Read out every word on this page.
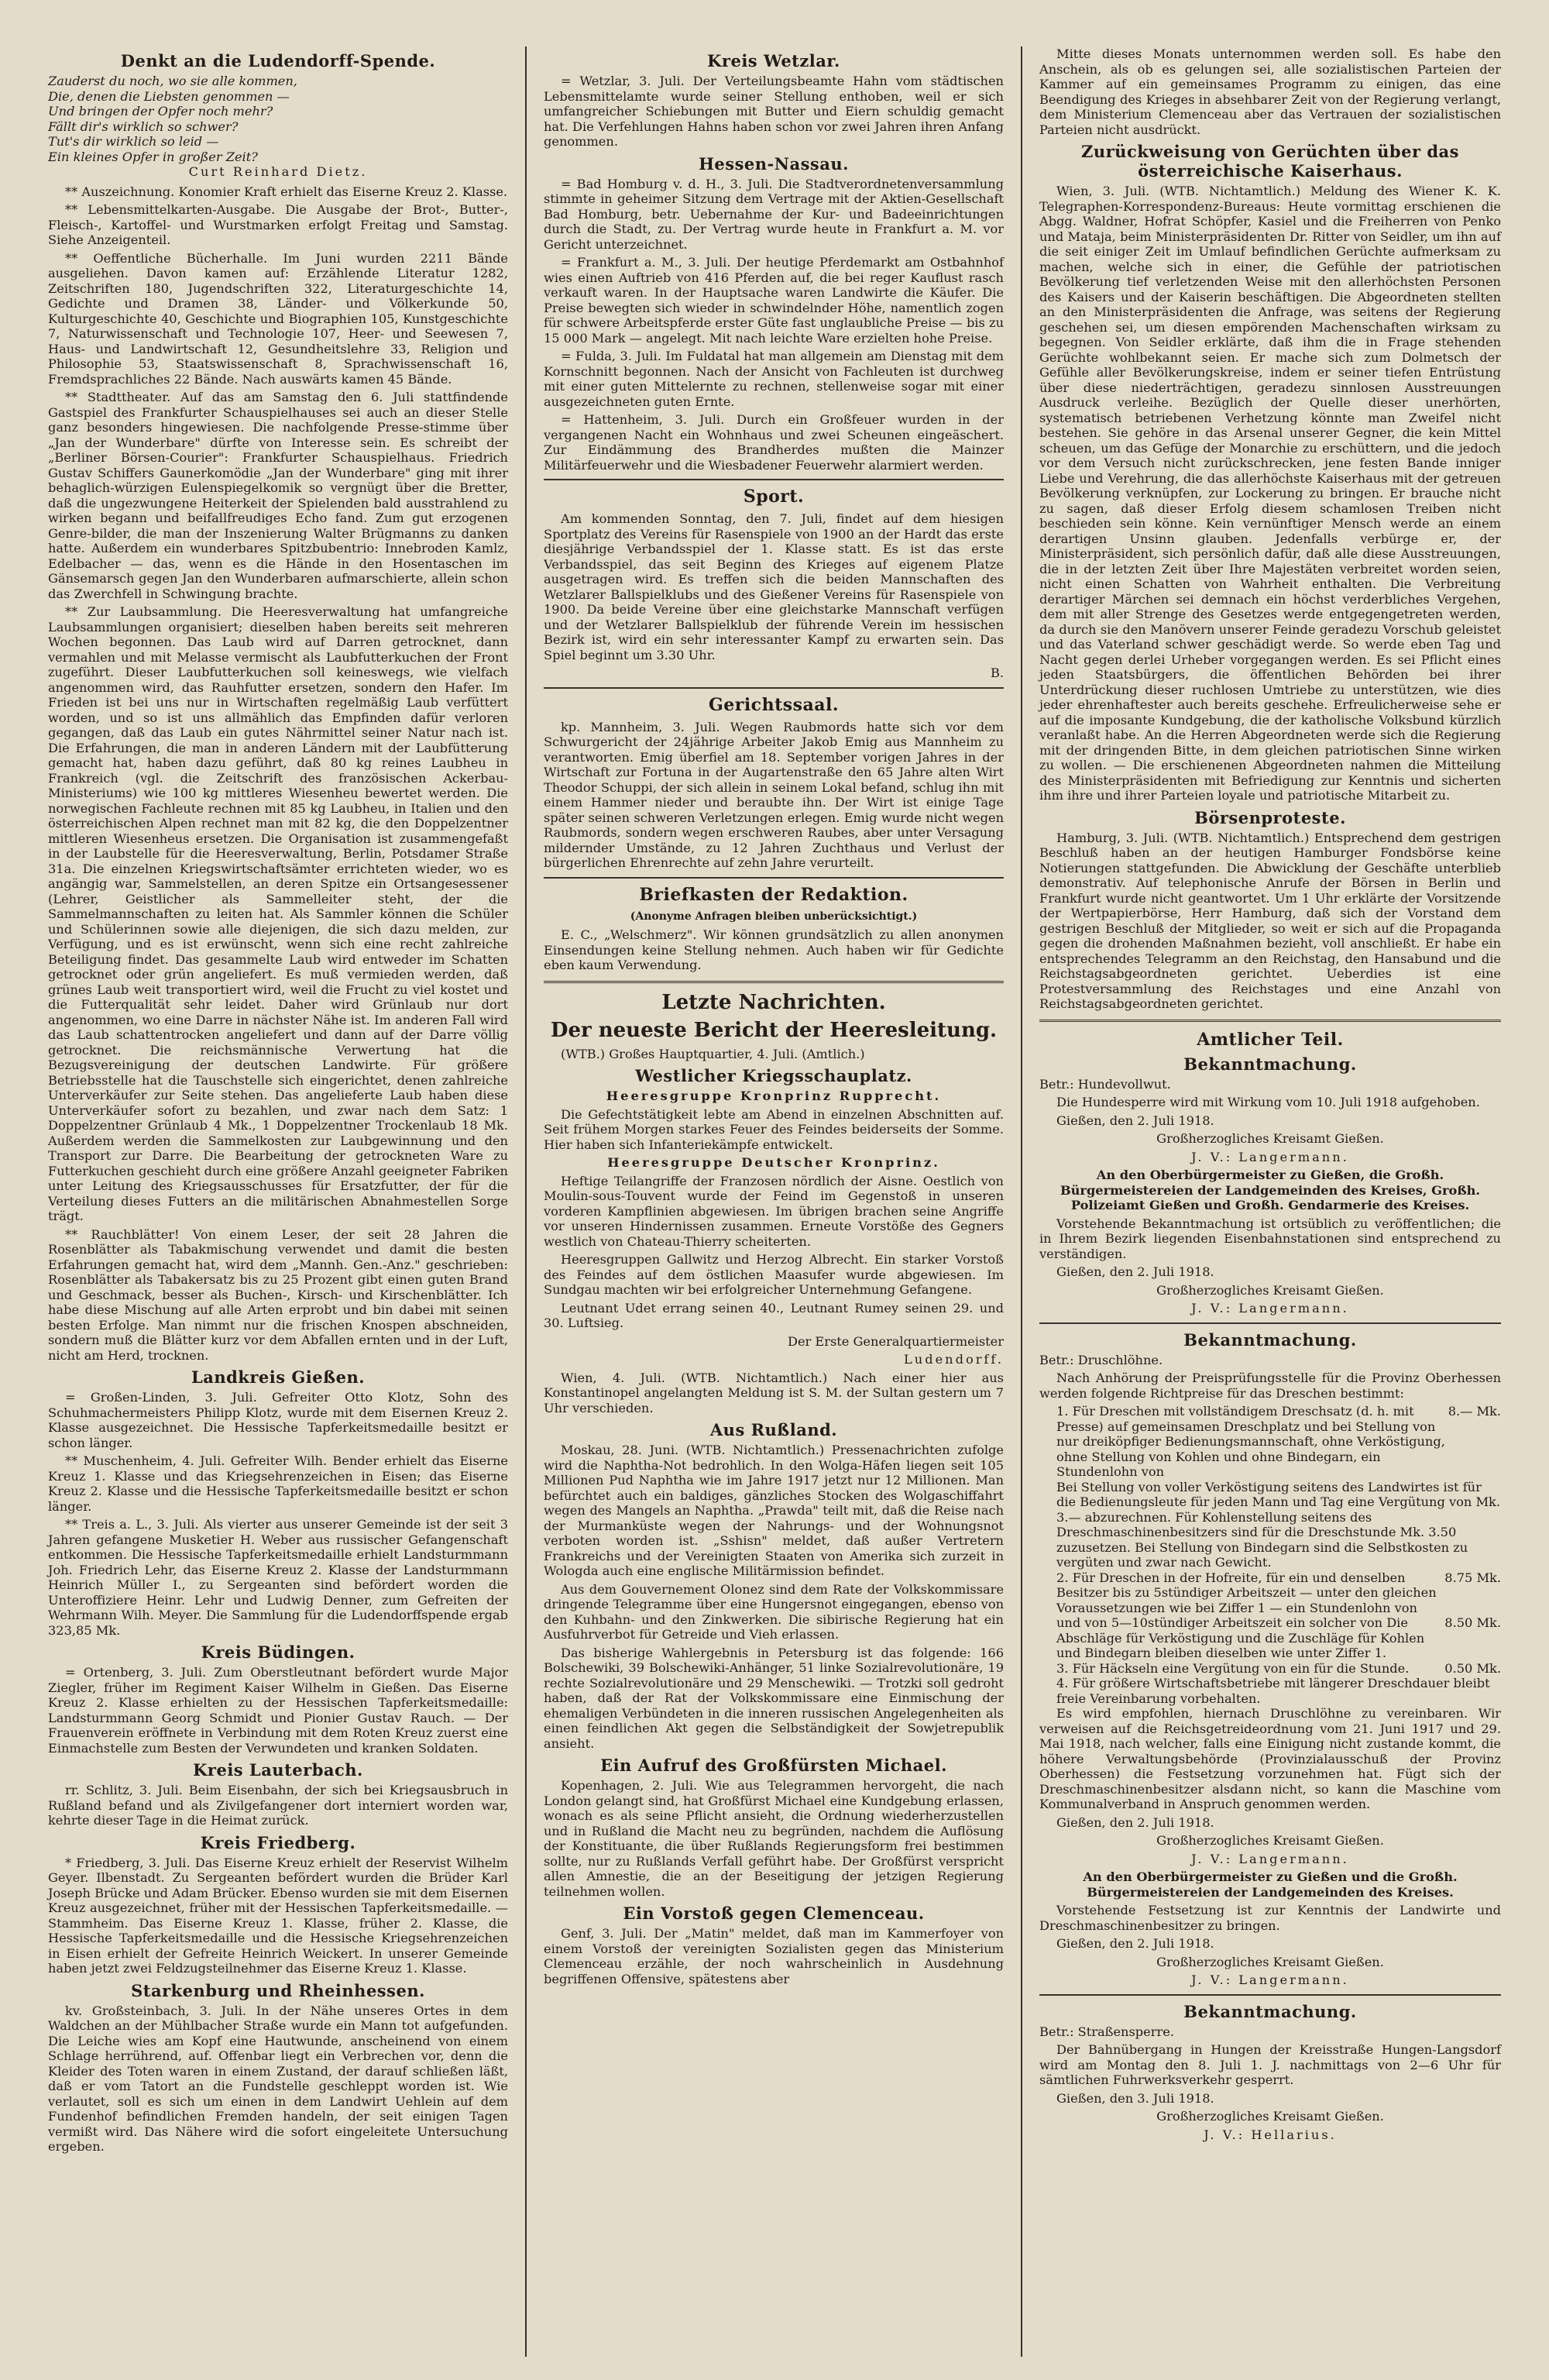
Denkt an die Ludendorff-Spende.
Zauderst du noch, wo sie alle kommen,
Die, denen die Liebsten genommen —
Und bringen der Opfer noch mehr?
Fällt dir's wirklich so schwer?
Tut's dir wirklich so leid —
Ein kleines Opfer in großer Zeit?
Curt Reinhard Dietz.

** Auszeichnung. Konomier Kraft erhielt das Eiserne Kreuz 2. Klasse.

** Lebensmittelkarten-Ausgabe. Die Ausgabe der Brot-, Butter-, Fleisch-, Kartoffel- und Wurstmarken erfolgt Freitag und Samstag. Siehe Anzeigenteil.

** Oeffentliche Bücherhalle. Im Juni wurden 2211 Bände ausgeliehen. Davon kamen auf: Erzählende Literatur 1282, Zeitschriften 180, Jugendschriften 322, Literaturgeschichte 14, Gedichte und Dramen 38, Länder- und Völkerkunde 50, Kulturgeschichte 40, Geschichte und Biographien 105, Kunstgeschichte 7, Naturwissenschaft und Technologie 107, Heer- und Seewesen 7, Haus- und Landwirtschaft 12, Gesundheitslehre 33, Religion und Philosophie 53, Staatswissenschaft 8, Sprachwissenschaft 16, Fremdsprachliches 22 Bände. Nach auswärts kamen 45 Bände.

** Stadttheater. Auf das am Samstag den 6. Juli stattfindende Gastspiel des Frankfurter Schauspielhauses sei auch an dieser Stelle ganz besonders hingewiesen. Die nachfolgende Presse-stimme über „Jan der Wunderbare" dürfte von Interesse sein. Es schreibt der „Berliner Börsen-Courier": Frankfurter Schauspielhaus. Friedrich Gustav Schiffers Gaunerkomödie „Jan der Wunderbare" ging mit ihrer behaglich-würzigen Eulenspiegelkomik so vergnügt über die Bretter, daß die ungezwungene Heiterkeit der Spielenden bald ausstrahlend zu wirken begann und beifallfreudiges Echo fand. Zum gut erzogenen Genre-bilder, die man der Inszenierung Walter Brügmanns zu danken hatte. Außerdem ein wunderbares Spitzbubentrio: Innebroden Kamlz, Edelbacher — das, wenn es die Hände in den Hosentaschen im Gänsemarsch gegen Jan den Wunderbaren aufmarschierte, allein schon das Zwerchfell in Schwingung brachte.

** Zur Laubsammlung. Die Heeresverwaltung hat umfangreiche Laubsammlungen organisiert; dieselben haben bereits seit mehreren Wochen begonnen. Das Laub wird auf Darren getrocknet, dann vermahlen und mit Melasse vermischt als Laubfutterkuchen der Front zugeführt. Dieser Laubfutterkuchen soll keineswegs, wie vielfach angenommen wird, das Rauhfutter ersetzen, sondern den Hafer. Im Frieden ist bei uns nur in Wirtschaften regelmäßig Laub verfüttert worden, und so ist uns allmählich das Empfinden dafür verloren gegangen, daß das Laub ein gutes Nährmittel seiner Natur nach ist. Die Erfahrungen, die man in anderen Ländern mit der Laubfütterung gemacht hat, haben dazu geführt, daß 80 kg reines Laubheu in Frankreich (vgl. die Zeitschrift des französischen Ackerbau-Ministeriums) wie 100 kg mittleres Wiesenheu bewertet werden. Die norwegischen Fachleute rechnen mit 85 kg Laubheu, in Italien und den österreichischen Alpen rechnet man mit 82 kg, die den Doppelzentner mittleren Wiesenheus ersetzen. Die Organisation ist zusammengefaßt in der Laubstelle für die Heeresverwaltung, Berlin, Potsdamer Straße 31a. Die einzelnen Kriegswirtschaftsämter errichteten wieder, wo es angängig war, Sammelstellen, an deren Spitze ein Ortsangesessener (Lehrer, Geistlicher als Sammelleiter steht, der die Sammelmannschaften zu leiten hat. Als Sammler können die Schüler und Schülerinnen sowie alle diejenigen, die sich dazu melden, zur Verfügung, und es ist erwünscht, wenn sich eine recht zahlreiche Beteiligung findet. Das gesammelte Laub wird entweder im Schatten getrocknet oder grün angeliefert. Es muß vermieden werden, daß grünes Laub weit transportiert wird, weil die Frucht zu viel kostet und die Futterqualität sehr leidet. Daher wird Grünlaub nur dort angenommen, wo eine Darre in nächster Nähe ist. Im anderen Fall wird das Laub schattentrocken angeliefert und dann auf der Darre völlig getrocknet. Die reichsmännische Verwertung hat die Bezugsvereinigung der deutschen Landwirte. Für größere Betriebsstelle hat die Tauschstelle sich eingerichtet, denen zahlreiche Unterverkäufer zur Seite stehen. Das angelieferte Laub haben diese Unterverkäufer sofort zu bezahlen, und zwar nach dem Satz: 1 Doppelzentner Grünlaub 4 Mk., 1 Doppelzentner Trockenlaub 18 Mk. Außerdem werden die Sammelkosten zur Laubgewinnung und den Transport zur Darre. Die Bearbeitung der getrockneten Ware zu Futterkuchen geschieht durch eine größere Anzahl geeigneter Fabriken unter Leitung des Kriegsausschusses für Ersatzfutter, der für die Verteilung dieses Futters an die militärischen Abnahmestellen Sorge trägt.

** Rauchblätter! Von einem Leser, der seit 28 Jahren die Rosenblätter als Tabakmischung verwendet und damit die besten Erfahrungen gemacht hat, wird dem „Mannh. Gen.-Anz." geschrieben: Rosenblätter als Tabakersatz bis zu 25 Prozent gibt einen guten Brand und Geschmack, besser als Buchen-, Kirsch- und Kirschenblätter. Ich habe diese Mischung auf alle Arten erprobt und bin dabei mit seinen besten Erfolge. Man nimmt nur die frischen Knospen abschneiden, sondern muß die Blätter kurz vor dem Abfallen ernten und in der Luft, nicht am Herd, trocknen.

Landkreis Gießen.

= Großen-Linden, 3. Juli. Gefreiter Otto Klotz, Sohn des Schuhmachermeisters Philipp Klotz, wurde mit dem Eisernen Kreuz 2. Klasse ausgezeichnet. Die Hessische Tapferkeitsmedaille besitzt er schon länger.

** Muschenheim, 4. Juli. Gefreiter Wilh. Bender erhielt das Eiserne Kreuz 1. Klasse und das Kriegsehrenzeichen in Eisen; das Eiserne Kreuz 2. Klasse und die Hessische Tapferkeitsmedaille besitzt er schon länger.

** Treis a. L., 3. Juli. Als vierter aus unserer Gemeinde ist der seit 3 Jahren gefangene Musketier H. Weber aus russischer Gefangenschaft entkommen. Die Hessische Tapferkeitsmedaille erhielt Landsturmmann Joh. Friedrich Lehr, das Eiserne Kreuz 2. Klasse der Landsturmmann Heinrich Müller I., zu Sergeanten sind befördert worden die Unteroffiziere Heinr. Lehr und Ludwig Denner, zum Gefreiten der Wehrmann Wilh. Meyer. Die Sammlung für die Ludendorffspende ergab 323,85 Mk.

Kreis Büdingen.

= Ortenberg, 3. Juli. Zum Oberstleutnant befördert wurde Major Ziegler, früher im Regiment Kaiser Wilhelm in Gießen. Das Eiserne Kreuz 2. Klasse erhielten zu der Hessischen Tapferkeitsmedaille: Landsturmmann Georg Schmidt und Pionier Gustav Rauch. — Der Frauenverein eröffnete in Verbindung mit dem Roten Kreuz zuerst eine Einmachstelle zum Besten der Verwundeten und kranken Soldaten.

Kreis Lauterbach.

rr. Schlitz, 3. Juli. Beim Eisenbahn, der sich bei Kriegsausbruch in Rußland befand und als Zivilgefangener dort interniert worden war, kehrte dieser Tage in die Heimat zurück.

Kreis Friedberg.

* Friedberg, 3. Juli. Das Eiserne Kreuz erhielt der Reservist Wilhelm Geyer. Ilbenstadt. Zu Sergeanten befördert wurden die Brüder Karl Joseph Brücke und Adam Brücker. Ebenso wurden sie mit dem Eisernen Kreuz ausgezeichnet, früher mit der Hessischen Tapferkeitsmedaille. — Stammheim. Das Eiserne Kreuz 1. Klasse, früher 2. Klasse, die Hessische Tapferkeitsmedaille und die Hessische Kriegsehrenzeichen in Eisen erhielt der Gefreite Heinrich Weickert. In unserer Gemeinde haben jetzt zwei Feldzugsteilnehmer das Eiserne Kreuz 1. Klasse.

Starkenburg und Rheinhessen.

kv. Großsteinbach, 3. Juli. In der Nähe unseres Ortes in dem Waldchen an der Mühlbacher Straße wurde ein Mann tot aufgefunden. Die Leiche wies am Kopf eine Hautwunde, anscheinend von einem Schlage herrührend, auf. Offenbar liegt ein Verbrechen vor, denn die Kleider des Toten waren in einem Zustand, der darauf schließen läßt, daß er vom Tatort an die Fundstelle geschleppt worden ist. Wie verlautet, soll es sich um einen in dem Landwirt Uehlein auf dem Fundenhof befindlichen Fremden handeln, der seit einigen Tagen vermißt wird. Das Nähere wird die sofort eingeleitete Untersuchung ergeben.

Kreis Wetzlar.

= Wetzlar, 3. Juli. Der Verteilungsbeamte Hahn vom städtischen Lebensmittelamte wurde seiner Stellung enthoben, weil er sich umfangreicher Schiebungen mit Butter und Eiern schuldig gemacht hat. Die Verfehlungen Hahns haben schon vor zwei Jahren ihren Anfang genommen.

Hessen-Nassau.

= Bad Homburg v. d. H., 3. Juli. Die Stadtverordnetenversammlung stimmte in geheimer Sitzung dem Vertrage mit der Aktien-Gesellschaft Bad Homburg, betr. Uebernahme der Kur- und Badeeinrichtungen durch die Stadt, zu. Der Vertrag wurde heute in Frankfurt a. M. vor Gericht unterzeichnet.

= Frankfurt a. M., 3. Juli. Der heutige Pferdemarkt am Ostbahnhof wies einen Auftrieb von 416 Pferden auf, die bei reger Kauflust rasch verkauft waren. In der Hauptsache waren Landwirte die Käufer. Die Preise bewegten sich wieder in schwindelnder Höhe, namentlich zogen für schwere Arbeitspferde erster Güte fast unglaubliche Preise — bis zu 15 000 Mark — angelegt. Mit nach leichte Ware erzielten hohe Preise.

= Fulda, 3. Juli. Im Fuldatal hat man allgemein am Dienstag mit dem Kornschnitt begonnen. Nach der Ansicht von Fachleuten ist durchweg mit einer guten Mittelernte zu rechnen, stellenweise sogar mit einer ausgezeichneten guten Ernte.

= Hattenheim, 3. Juli. Durch ein Großfeuer wurden in der vergangenen Nacht ein Wohnhaus und zwei Scheunen eingeäschert. Zur Eindämmung des Brandherdes mußten die Mainzer Militärfeuerwehr und die Wiesbadener Feuerwehr alarmiert werden.

Sport.

Am kommenden Sonntag, den 7. Juli, findet auf dem hiesigen Sportplatz des Vereins für Rasenspiele von 1900 an der Hardt das erste diesjährige Verbandsspiel der 1. Klasse statt. Es ist das erste Verbandsspiel, das seit Beginn des Krieges auf eigenem Platze ausgetragen wird. Es treffen sich die beiden Mannschaften des Wetzlarer Ballspielklubs und des Gießener Vereins für Rasenspiele von 1900. Da beide Vereine über eine gleichstarke Mannschaft verfügen und der Wetzlarer Ballspielklub der führende Verein im hessischen Bezirk ist, wird ein sehr interessanter Kampf zu erwarten sein. Das Spiel beginnt um 3.30 Uhr.

B.

Gerichtssaal.

kp. Mannheim, 3. Juli. Wegen Raubmords hatte sich vor dem Schwurgericht der 24jährige Arbeiter Jakob Emig aus Mannheim zu verantworten. Emig überfiel am 18. September vorigen Jahres in der Wirtschaft zur Fortuna in der Augartenstraße den 65 Jahre alten Wirt Theodor Schuppi, der sich allein in seinem Lokal befand, schlug ihn mit einem Hammer nieder und beraubte ihn. Der Wirt ist einige Tage später seinen schweren Verletzungen erlegen. Emig wurde nicht wegen Raubmords, sondern wegen erschweren Raubes, aber unter Versagung mildernder Umstände, zu 12 Jahren Zuchthaus und Verlust der bürgerlichen Ehrenrechte auf zehn Jahre verurteilt.

Briefkasten der Redaktion.

(Anonyme Anfragen bleiben unberücksichtigt.)

E. C., „Welschmerz". Wir können grundsätzlich zu allen anonymen Einsendungen keine Stellung nehmen. Auch haben wir für Gedichte eben kaum Verwendung.

Letzte Nachrichten.
Der neueste Bericht der Heeresleitung.

(WTB.) Großes Hauptquartier, 4. Juli. (Amtlich.)

Westlicher Kriegsschauplatz.

Heeresgruppe Kronprinz Rupprecht.

Die Gefechtstätigkeit lebte am Abend in einzelnen Abschnitten auf. Seit frühem Morgen starkes Feuer des Feindes beiderseits der Somme. Hier haben sich Infanteriekämpfe entwickelt.

Heeresgruppe Deutscher Kronprinz.

Heftige Teilangriffe der Franzosen nördlich der Aisne. Oestlich von Moulin-sous-Touvent wurde der Feind im Gegenstoß in unseren vorderen Kampflinien abgewiesen. Im übrigen brachen seine Angriffe vor unseren Hindernissen zusammen. Erneute Vorstöße des Gegners westlich von Chateau-Thierry scheiterten.

Heeresgruppen Gallwitz und Herzog Albrecht. Ein starker Vorstoß des Feindes auf dem östlichen Maasufer wurde abgewiesen. Im Sundgau machten wir bei erfolgreicher Unternehmung Gefangene.

Leutnant Udet errang seinen 40., Leutnant Rumey seinen 29. und 30. Luftsieg.

Der Erste Generalquartiermeister

Ludendorff.

Wien, 4. Juli. (WTB. Nichtamtlich.) Nach einer hier aus Konstantinopel angelangten Meldung ist S. M. der Sultan gestern um 7 Uhr verschieden.

Aus Rußland.

Moskau, 28. Juni. (WTB. Nichtamtlich.) Pressenachrichten zufolge wird die Naphtha-Not bedrohlich. In den Wolga-Häfen liegen seit 105 Millionen Pud Naphtha wie im Jahre 1917 jetzt nur 12 Millionen. Man befürchtet auch ein baldiges, gänzliches Stocken des Wolgaschiffahrt wegen des Mangels an Naphtha. „Prawda" teilt mit, daß die Reise nach der Murmanküste wegen der Nahrungs- und der Wohnungsnot verboten worden ist. „Sshisn" meldet, daß außer Vertretern Frankreichs und der Vereinigten Staaten von Amerika sich zurzeit in Wologda auch eine englische Militärmission befindet.

Aus dem Gouvernement Olonez sind dem Rate der Volkskommissare dringende Telegramme über eine Hungersnot eingegangen, ebenso von den Kuhbahn- und den Zinkwerken. Die sibirische Regierung hat ein Ausfuhrverbot für Getreide und Vieh erlassen.

Das bisherige Wahlergebnis in Petersburg ist das folgende: 166 Bolschewiki, 39 Bolschewiki-Anhänger, 51 linke Sozialrevolutionäre, 19 rechte Sozialrevolutionäre und 29 Menschewiki. — Trotzki soll gedroht haben, daß der Rat der Volkskommissare eine Einmischung der ehemaligen Verbündeten in die inneren russischen Angelegenheiten als einen feindlichen Akt gegen die Selbständigkeit der Sowjetrepublik ansieht.

Ein Aufruf des Großfürsten Michael.

Kopenhagen, 2. Juli. Wie aus Telegrammen hervorgeht, die nach London gelangt sind, hat Großfürst Michael eine Kundgebung erlassen, wonach es als seine Pflicht ansieht, die Ordnung wiederherzustellen und in Rußland die Macht neu zu begründen, nachdem die Auflösung der Konstituante, die über Rußlands Regierungsform frei bestimmen sollte, nur zu Rußlands Verfall geführt habe. Der Großfürst verspricht allen Amnestie, die an der Beseitigung der jetzigen Regierung teilnehmen wollen.

Ein Vorstoß gegen Clemenceau.

Genf, 3. Juli. Der „Matin" meldet, daß man im Kammerfoyer von einem Vorstoß der vereinigten Sozialisten gegen das Ministerium Clemenceau erzähle, der noch wahrscheinlich in Ausdehnung begriffenen Offensive, spätestens aber

Mitte dieses Monats unternommen werden soll. Es habe den Anschein, als ob es gelungen sei, alle sozialistischen Parteien der Kammer auf ein gemeinsames Programm zu einigen, das eine Beendigung des Krieges in absehbarer Zeit von der Regierung verlangt, dem Ministerium Clemenceau aber das Vertrauen der sozialistischen Parteien nicht ausdrückt.

Zurückweisung von Gerüchten über das österreichische Kaiserhaus.

Wien, 3. Juli. (WTB. Nichtamtlich.) Meldung des Wiener K. K. Telegraphen-Korrespondenz-Bureaus: Heute vormittag erschienen die Abgg. Waldner, Hofrat Schöpfer, Kasiel und die Freiherren von Penko und Mataja, beim Ministerpräsidenten Dr. Ritter von Seidler, um ihn auf die seit einiger Zeit im Umlauf befindlichen Gerüchte aufmerksam zu machen, welche sich in einer, die Gefühle der patriotischen Bevölkerung tief verletzenden Weise mit den allerhöchsten Personen des Kaisers und der Kaiserin beschäftigen. Die Abgeordneten stellten an den Ministerpräsidenten die Anfrage, was seitens der Regierung geschehen sei, um diesen empörenden Machenschaften wirksam zu begegnen. Von Seidler erklärte, daß ihm die in Frage stehenden Gerüchte wohlbekannt seien. Er mache sich zum Dolmetsch der Gefühle aller Bevölkerungskreise, indem er seiner tiefen Entrüstung über diese niederträchtigen, geradezu sinnlosen Ausstreuungen Ausdruck verleihe. Bezüglich der Quelle dieser unerhörten, systematisch betriebenen Verhetzung könnte man Zweifel nicht bestehen. Sie gehöre in das Arsenal unserer Gegner, die kein Mittel scheuen, um das Gefüge der Monarchie zu erschüttern, und die jedoch vor dem Versuch nicht zurückschrecken, jene festen Bande inniger Liebe und Verehrung, die das allerhöchste Kaiserhaus mit der getreuen Bevölkerung verknüpfen, zur Lockerung zu bringen. Er brauche nicht zu sagen, daß dieser Erfolg diesem schamlosen Treiben nicht beschieden sein könne. Kein vernünftiger Mensch werde an einem derartigen Unsinn glauben. Jedenfalls verbürge er, der Ministerpräsident, sich persönlich dafür, daß alle diese Ausstreuungen, die in der letzten Zeit über Ihre Majestäten verbreitet worden seien, nicht einen Schatten von Wahrheit enthalten. Die Verbreitung derartiger Märchen sei demnach ein höchst verderbliches Vergehen, dem mit aller Strenge des Gesetzes werde entgegengetreten werden, da durch sie den Manövern unserer Feinde geradezu Vorschub geleistet und das Vaterland schwer geschädigt werde. So werde eben Tag und Nacht gegen derlei Urheber vorgegangen werden. Es sei Pflicht eines jeden Staatsbürgers, die öffentlichen Behörden bei ihrer Unterdrückung dieser ruchlosen Umtriebe zu unterstützen, wie dies jeder ehrenhaftester auch bereits geschehe. Erfreulicherweise sehe er auf die imposante Kundgebung, die der katholische Volksbund kürzlich veranlaßt habe. An die Herren Abgeordneten werde sich die Regierung mit der dringenden Bitte, in dem gleichen patriotischen Sinne wirken zu wollen. — Die erschienenen Abgeordneten nahmen die Mitteilung des Ministerpräsidenten mit Befriedigung zur Kenntnis und sicherten ihm ihre und ihrer Parteien loyale und patriotische Mitarbeit zu.

Börsenproteste.

Hamburg, 3. Juli. (WTB. Nichtamtlich.) Entsprechend dem gestrigen Beschluß haben an der heutigen Hamburger Fondsbörse keine Notierungen stattgefunden. Die Abwicklung der Geschäfte unterblieb demonstrativ. Auf telephonische Anrufe der Börsen in Berlin und Frankfurt wurde nicht geantwortet. Um 1 Uhr erklärte der Vorsitzende der Wertpapierbörse, Herr Hamburg, daß sich der Vorstand dem gestrigen Beschluß der Mitglieder, so weit er sich auf die Propaganda gegen die drohenden Maßnahmen bezieht, voll anschließt. Er habe ein entsprechendes Telegramm an den Reichstag, den Hansabund und die Reichstagsabgeordneten gerichtet. Ueberdies ist eine Protestversammlung des Reichstages und eine Anzahl von Reichstagsabgeordneten gerichtet.

Amtlicher Teil.
Bekanntmachung.

Betr.: Hundevollwut.

Die Hundesperre wird mit Wirkung vom 10. Juli 1918 aufgehoben.

Gießen, den 2. Juli 1918.

Großherzogliches Kreisamt Gießen.

J. V.: Langermann.

An den Oberbürgermeister zu Gießen, die Großh. Bürgermeistereien der Landgemeinden des Kreises, Großh. Polizeiamt Gießen und Großh. Gendarmerie des Kreises.

Vorstehende Bekanntmachung ist ortsüblich zu veröffentlichen; die in Ihrem Bezirk liegenden Eisenbahnstationen sind entsprechend zu verständigen.

Gießen, den 2. Juli 1918.

Großherzogliches Kreisamt Gießen.

J. V.: Langermann.

Bekanntmachung.

Betr.: Druschlöhne.

Nach Anhörung der Preisprüfungsstelle für die Provinz Oberhessen werden folgende Richtpreise für das Dreschen bestimmt:

1. Für Dreschen mit vollständigem Dreschsatz (d. h. mit Presse) auf gemeinsamen Dreschplatz und bei Stellung von nur dreiköpfiger Bedienungsmannschaft, ohne Verköstigung, ohne Stellung von Kohlen und ohne Bindegarn, ein Stundenlohn von
8.— Mk.
Bei Stellung von voller Verköstigung seitens des Landwirtes ist für die Bedienungsleute für jeden Mann und Tag eine Vergütung von Mk. 3.— abzurechnen. Für Kohlenstellung seitens des Dreschmaschinenbesitzers sind für die Dreschstunde Mk. 3.50 zuzusetzen. Bei Stellung von Bindegarn sind die Selbstkosten zu vergüten und zwar nach Gewicht.
2. Für Dreschen in der Hofreite, für ein und denselben Besitzer bis zu 5stündiger Arbeitszeit — unter den gleichen Voraussetzungen wie bei Ziffer 1 — ein Stundenlohn von
8.75 Mk.
und von 5—10stündiger Arbeitszeit ein solcher von Die Abschläge für Verköstigung und die Zuschläge für Kohlen und Bindegarn bleiben dieselben wie unter Ziffer 1.
8.50 Mk.
3. Für Häckseln eine Vergütung von ein für die Stunde.	0.50 Mk.
4. Für größere Wirtschaftsbetriebe mit längerer Dreschdauer bleibt freie Vereinbarung vorbehalten.

Es wird empfohlen, hiernach Druschlöhne zu vereinbaren. Wir verweisen auf die Reichsgetreideordnung vom 21. Juni 1917 und 29. Mai 1918, nach welcher, falls eine Einigung nicht zustande kommt, die höhere Verwaltungsbehörde (Provinzialausschuß der Provinz Oberhessen) die Festsetzung vorzunehmen hat. Fügt sich der Dreschmaschinenbesitzer alsdann nicht, so kann die Maschine vom Kommunalverband in Anspruch genommen werden.

Gießen, den 2. Juli 1918.

Großherzogliches Kreisamt Gießen.

J. V.: Langermann.

An den Oberbürgermeister zu Gießen und die Großh. Bürgermeistereien der Landgemeinden des Kreises.

Vorstehende Festsetzung ist zur Kenntnis der Landwirte und Dreschmaschinenbesitzer zu bringen.

Gießen, den 2. Juli 1918.

Großherzogliches Kreisamt Gießen.

J. V.: Langermann.

Bekanntmachung.

Betr.: Straßensperre.

Der Bahnübergang in Hungen der Kreisstraße Hungen-Langsdorf wird am Montag den 8. Juli 1. J. nachmittags von 2—6 Uhr für sämtlichen Fuhrwerksverkehr gesperrt.

Gießen, den 3. Juli 1918.

Großherzogliches Kreisamt Gießen.

J. V.: Hellarius.
